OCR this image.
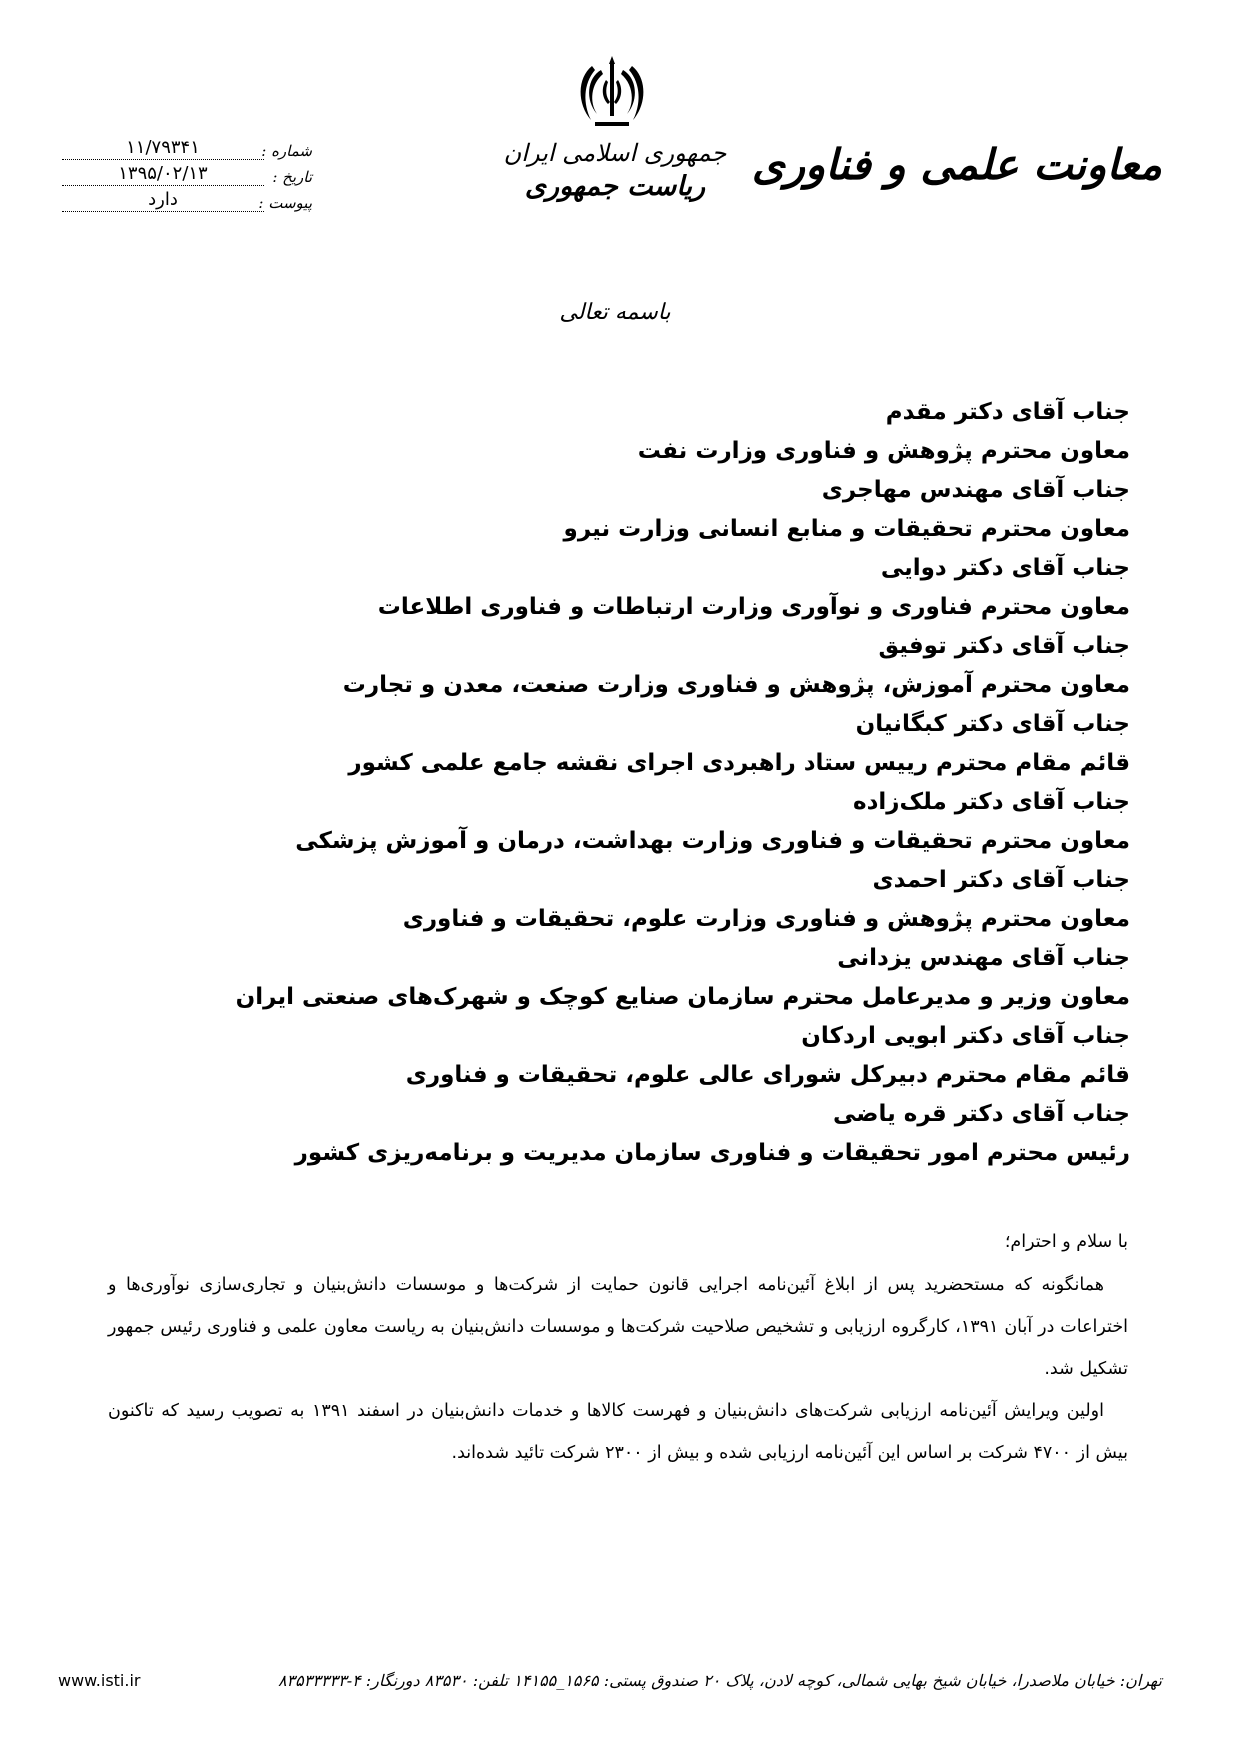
معاونت علمی و فناوری
جمهوری اسلامی ایران
ریاست جمهوری
شماره :
۱۱/۷۹۳۴۱
تاریخ :
۱۳۹۵/۰۲/۱۳
پیوست :
دارد
باسمه تعالی
جناب آقای دکتر مقدم
معاون محترم پژوهش و فناوری وزارت نفت
جناب آقای مهندس مهاجری
معاون محترم تحقیقات و منابع انسانی وزارت نیرو
جناب آقای دکتر دوایی
معاون محترم فناوری و نوآوری وزارت ارتباطات و فناوری اطلاعات
جناب آقای دکتر توفیق
معاون محترم آموزش، پژوهش و فناوری وزارت صنعت، معدن و تجارت
جناب آقای دکتر کبگانیان
قائم مقام محترم رییس ستاد راهبردی اجرای نقشه جامع علمی کشور
جناب آقای دکتر ملک‌زاده
معاون محترم تحقیقات و فناوری وزارت بهداشت، درمان و آموزش پزشکی
جناب آقای دکتر احمدی
معاون محترم پژوهش و فناوری وزارت علوم، تحقیقات و فناوری
جناب آقای مهندس یزدانی
معاون وزیر و مدیرعامل محترم سازمان صنایع کوچک و شهرک‌های صنعتی ایران
جناب آقای دکتر ابویی اردکان
قائم مقام محترم دبیرکل شورای عالی علوم، تحقیقات و فناوری
جناب آقای دکتر قره یاضی
رئیس محترم امور تحقیقات و فناوری سازمان مدیریت و برنامه‌ریزی کشور
با سلام و احترام؛

همانگونه که مستحضرید پس از ابلاغ آئین‌نامه اجرایی قانون حمایت از شرکت‌ها و موسسات دانش‌بنیان و تجاری‌سازی نوآوری‌ها و اختراعات در آبان ۱۳۹۱، کارگروه ارزیابی و تشخیص صلاحیت شرکت‌ها و موسسات دانش‌بنیان به ریاست معاون علمی و فناوری رئیس جمهور تشکیل شد.

اولین ویرایش آئین‌نامه ارزیابی شرکت‌های دانش‌بنیان و فهرست کالاها و خدمات دانش‌بنیان در اسفند ۱۳۹۱ به تصویب رسید که تاکنون بیش از ۴۷۰۰ شرکت بر اساس این آئین‌نامه ارزیابی شده و بیش از ۲۳۰۰ شرکت تائید شده‌اند.

www.isti.ir	تهران: خیابان ملاصدرا، خیابان شیخ بهایی شمالی، کوچه لادن، پلاک ۲۰ صندوق پستی: ۱۵۶۵_۱۴۱۵۵ تلفن: ۸۳۵۳۰ دورنگار: ۴-۸۳۵۳۳۳۳۳
